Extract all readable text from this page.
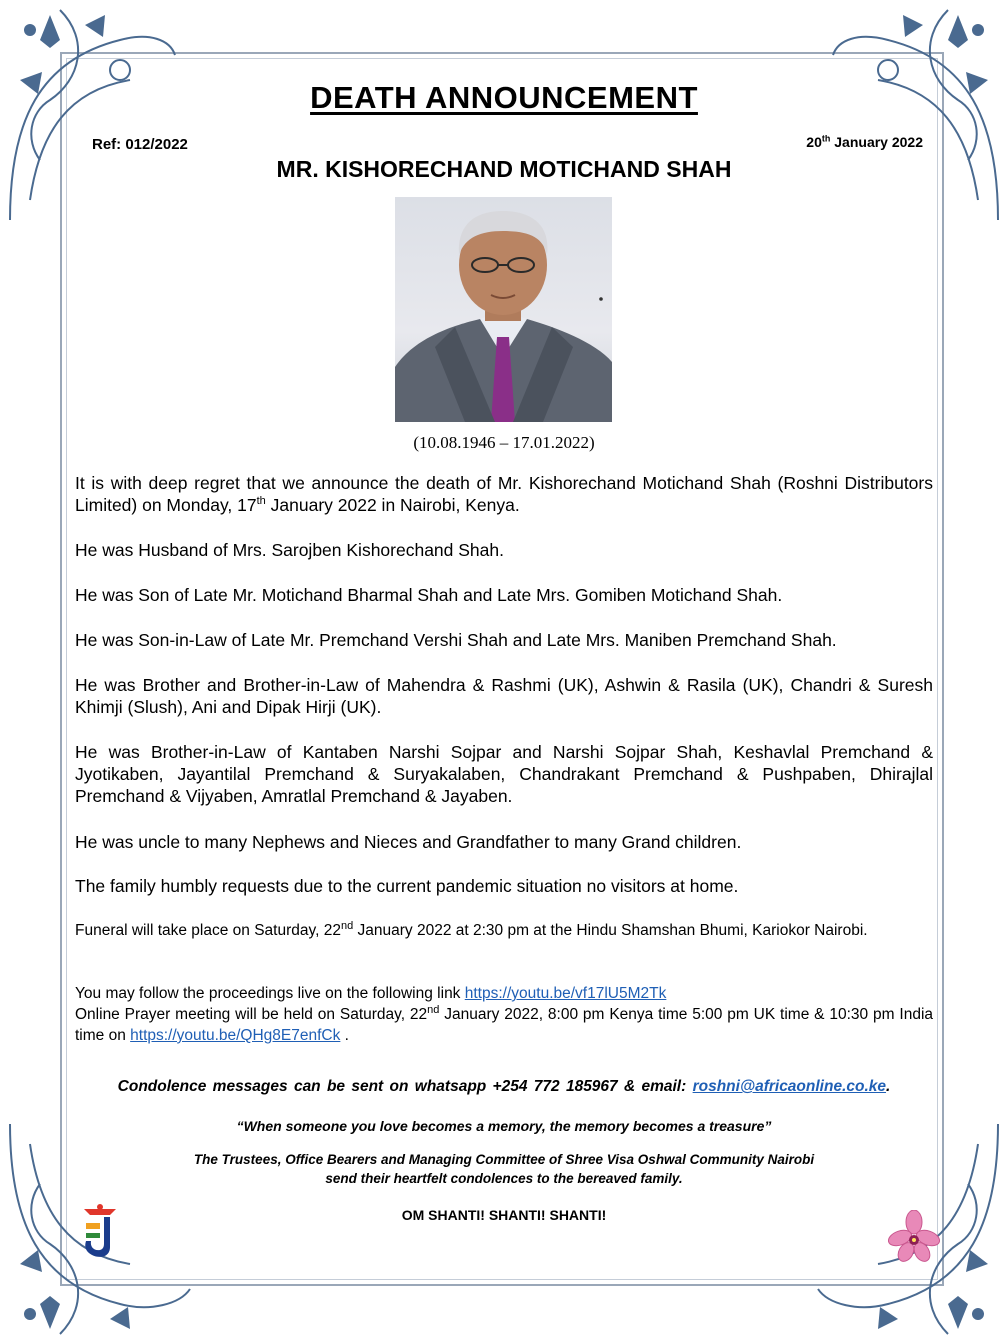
DEATH ANNOUNCEMENT
Ref: 012/2022	20th January 2022
MR. KISHORECHAND MOTICHAND SHAH
(10.08.1946 – 17.01.2022)

It is with deep regret that we announce the death of Mr. Kishorechand Motichand Shah (Roshni Distributors Limited) on Monday, 17th January 2022 in Nairobi, Kenya.

He was Husband of Mrs. Sarojben Kishorechand Shah.

He was Son of Late Mr. Motichand Bharmal Shah and Late Mrs. Gomiben Motichand Shah.

He was Son-in-Law of Late Mr. Premchand Vershi Shah and Late Mrs. Maniben Premchand Shah.

He was Brother and Brother-in-Law of Mahendra & Rashmi (UK), Ashwin & Rasila (UK), Chandri & Suresh Khimji (Slush), Ani and Dipak Hirji (UK).

He was Brother-in-Law of Kantaben Narshi Sojpar and Narshi Sojpar Shah, Keshavlal Premchand & Jyotikaben, Jayantilal Premchand & Suryakalaben, Chandrakant Premchand & Pushpaben, Dhirajlal Premchand & Vijyaben, Amratlal Premchand & Jayaben.

He was uncle to many Nephews and Nieces and Grandfather to many Grand children.

The family humbly requests due to the current pandemic situation no visitors at home.

Funeral will take place on Saturday, 22nd January 2022 at 2:30 pm at the Hindu Shamshan Bhumi, Kariokor Nairobi.

You may follow the proceedings live on the following link https://youtu.be/vf17lU5M2Tk

Online Prayer meeting will be held on Saturday, 22nd January 2022, 8:00 pm Kenya time 5:00 pm UK time & 10:30 pm India time on https://youtu.be/QHg8E7enfCk .

Condolence messages can be sent on whatsapp +254 772 185967 & email: roshni@africaonline.co.ke.
“When someone you love becomes a memory, the memory becomes a treasure”
The Trustees, Office Bearers and Managing Committee of Shree Visa Oshwal Community Nairobi
send their heartfelt condolences to the bereaved family.
OM SHANTI! SHANTI! SHANTI!
